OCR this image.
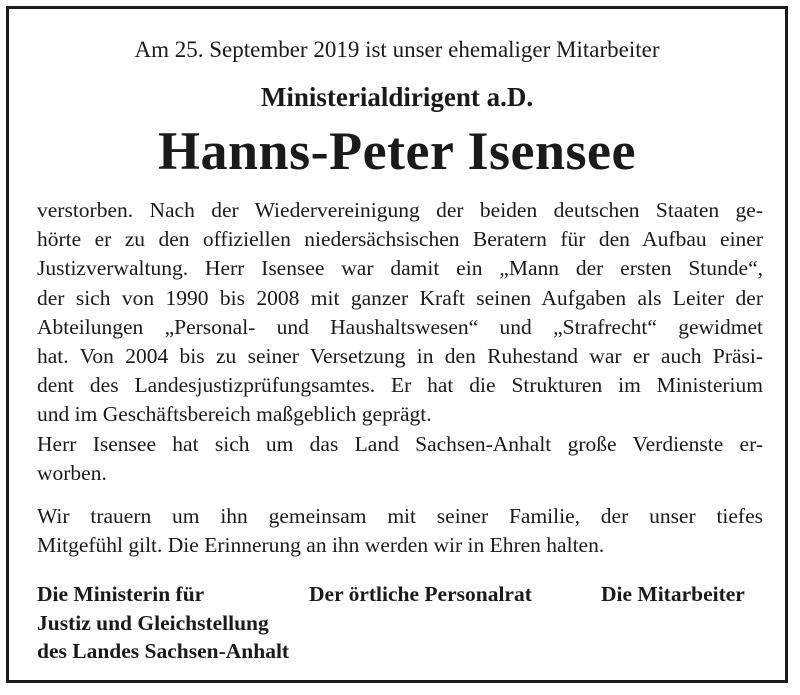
Am 25. September 2019 ist unser ehemaliger Mitarbeiter

Ministerialdirigent a.D.

Hanns-Peter Isensee

verstorben. Nach der Wiedervereinigung der beiden deutschen Staaten ge-
hörte er zu den offiziellen niedersächsischen Beratern für den Aufbau einer
Justizverwaltung. Herr Isensee war damit ein „Mann der ersten Stunde“,
der sich von 1990 bis 2008 mit ganzer Kraft seinen Aufgaben als Leiter der
Abteilungen „Personal- und Haushaltswesen“ und „Strafrecht“ gewidmet
hat. Von 2004 bis zu seiner Versetzung in den Ruhestand war er auch Präsi-
dent des Landesjustizprüfungsamtes. Er hat die Strukturen im Ministerium
und im Geschäftsbereich maßgeblich geprägt.
Herr Isensee hat sich um das Land Sachsen-Anhalt große Verdienste er-
worben.
Wir trauern um ihn gemeinsam mit seiner Familie, der unser tiefes
Mitgefühl gilt. Die Erinnerung an ihn werden wir in Ehren halten.
Die Ministerin für
Justiz und Gleichstellung
des Landes Sachsen-Anhalt
Der örtliche Personalrat	Die Mitarbeiter
